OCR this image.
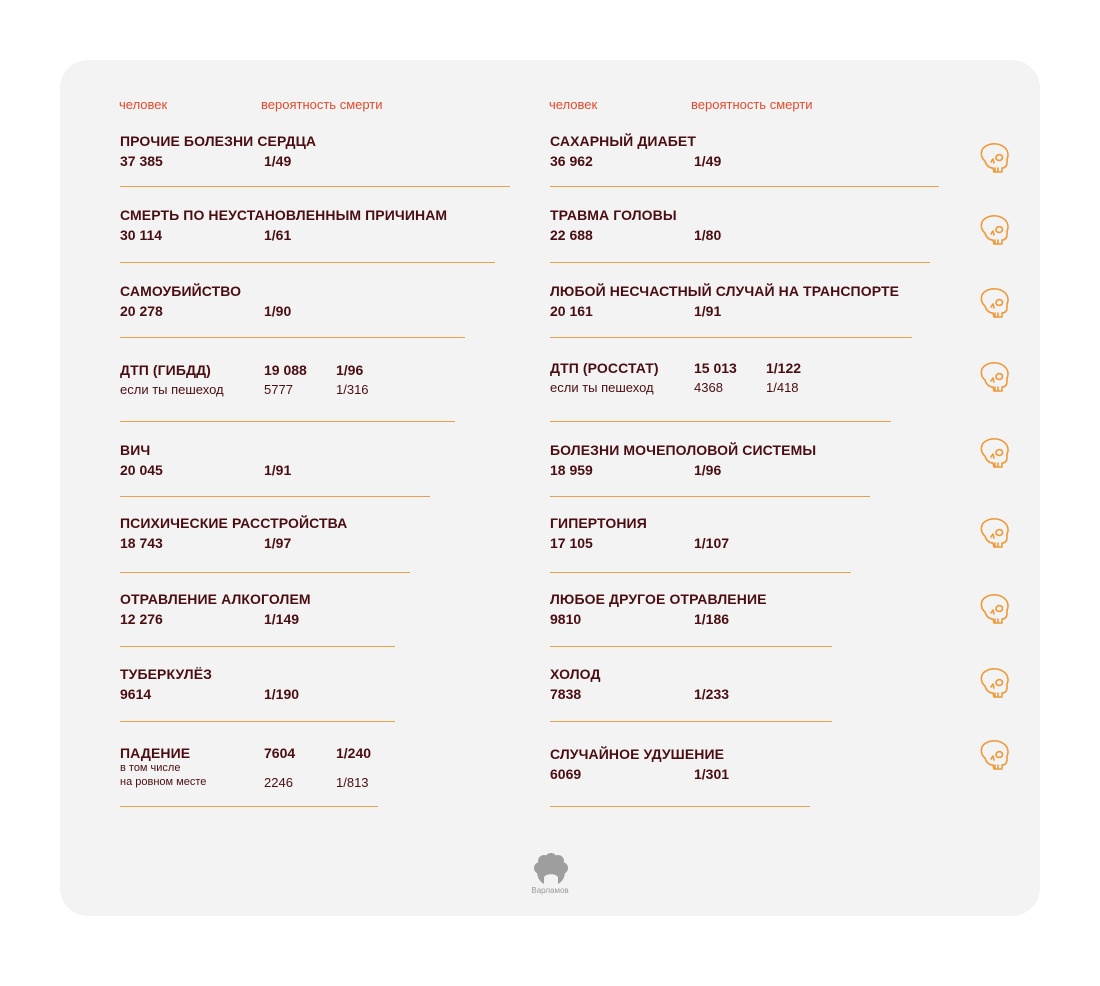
человек	вероятность смерти	человек	вероятность смерти
ПРОЧИЕ БОЛЕЗНИ СЕРДЦА
37 385	1/49
СМЕРТЬ ПО НЕУСТАНОВЛЕННЫМ ПРИЧИНАМ
30 114	1/61
САМОУБИЙСТВО
20 278	1/90
ДТП (ГИБДД)	19 088 1/96
если ты пешеход	5777	1/316
ВИЧ
20 045	1/91
ПСИХИЧЕСКИЕ РАССТРОЙСТВА
18 743	1/97
ОТРАВЛЕНИЕ АЛКОГОЛЕМ
12 276	1/149
ТУБЕРКУЛЁЗ
9614	1/190
ПАДЕНИЕ	7604	1/240
в том числе
на ровном месте	2246	1/813
САХАРНЫЙ ДИАБЕТ
36 962	1/49
ТРАВМА ГОЛОВЫ
22 688	1/80
ЛЮБОЙ НЕСЧАСТНЫЙ СЛУЧАЙ НА ТРАНСПОРТЕ
20 161	1/91
ДТП (РОССТАТ)	15 013 1/122
если ты пешеход	4368	1/418
БОЛЕЗНИ МОЧЕПОЛОВОЙ СИСТЕМЫ
18 959	1/96
ГИПЕРТОНИЯ
17 105	1/107
ЛЮБОЕ ДРУГОЕ ОТРАВЛЕНИЕ
9810	1/186
ХОЛОД
7838	1/233
СЛУЧАЙНОЕ УДУШЕНИЕ
6069	1/301
Варламов
